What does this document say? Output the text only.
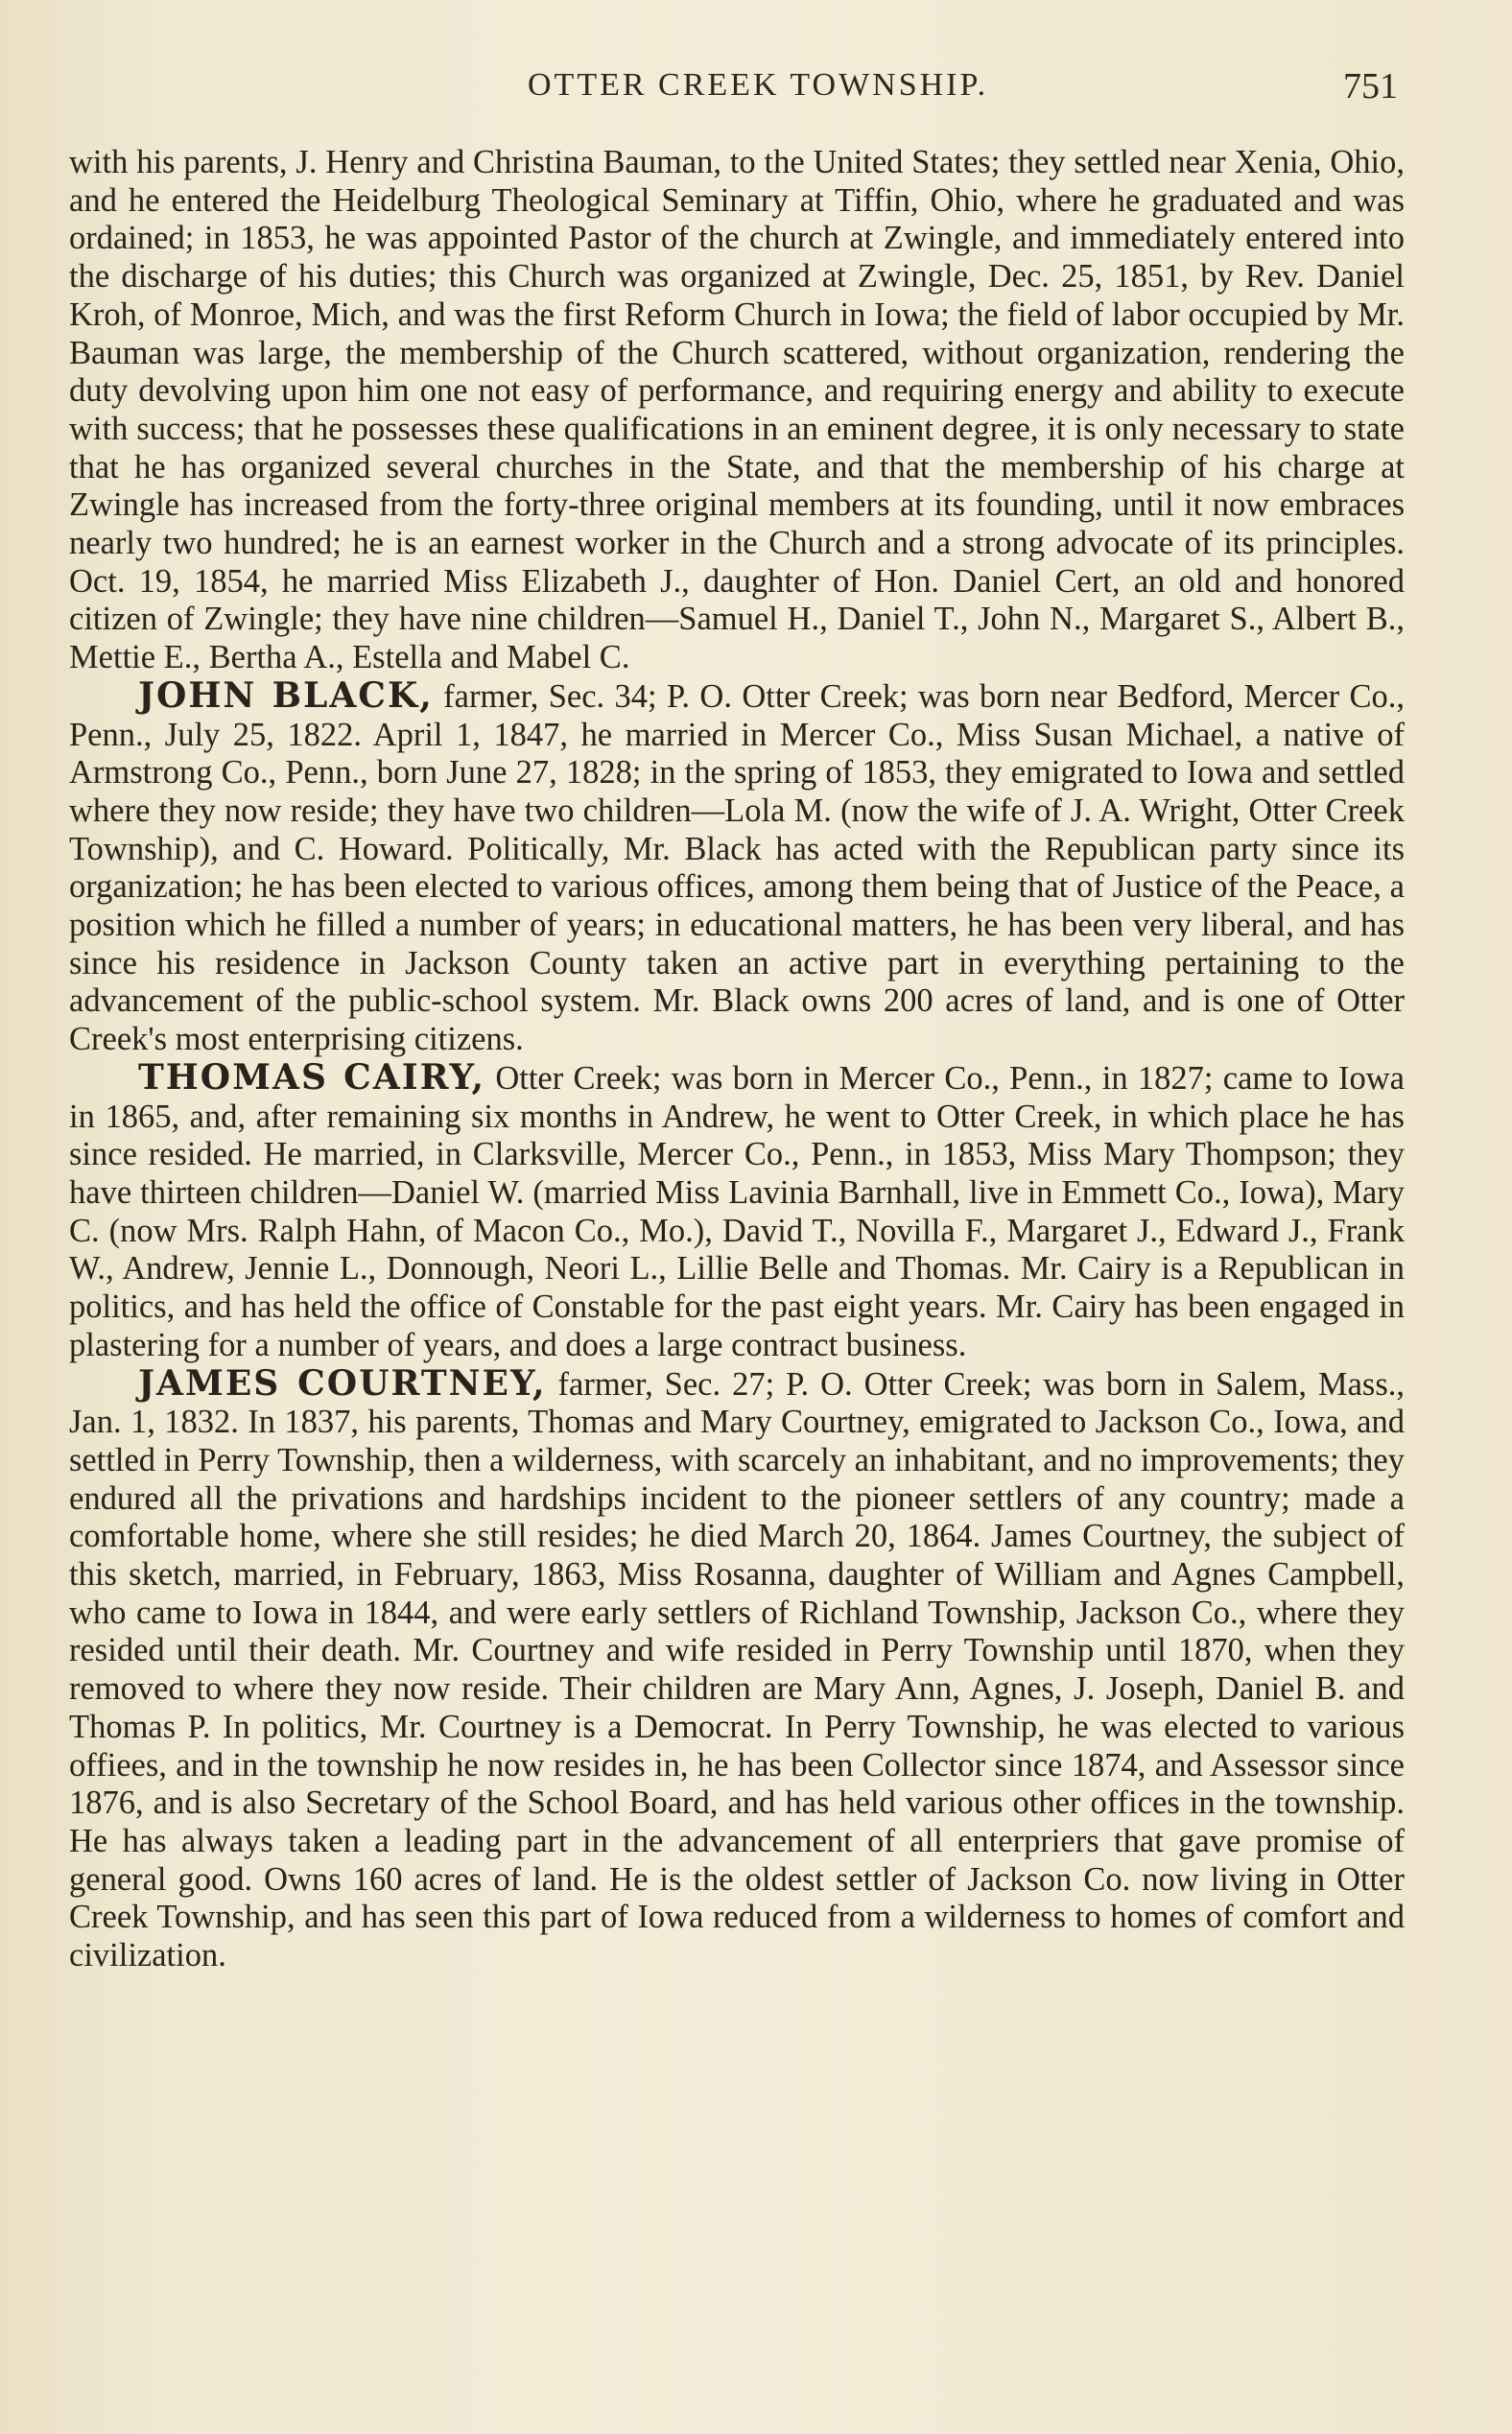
OTTER CREEK TOWNSHIP.	751

with his parents, J. Henry and Christina Bauman, to the United States; they settled near Xenia, Ohio, and he entered the Heidelburg Theological Seminary at Tiffin, Ohio, where he graduated and was ordained; in 1853, he was appointed Pastor of the church at Zwingle, and immediately entered into the discharge of his duties; this Church was organized at Zwingle, Dec. 25, 1851, by Rev. Daniel Kroh, of Monroe, Mich, and was the first Reform Church in Iowa; the field of labor occupied by Mr. Bauman was large, the membership of the Church scattered, without organization, rendering the duty devolving upon him one not easy of performance, and requiring energy and ability to execute with success; that he possesses these qualifications in an eminent degree, it is only necessary to state that he has organized several churches in the State, and that the membership of his charge at Zwingle has increased from the forty-three original members at its founding, until it now embraces nearly two hundred; he is an earnest worker in the Church and a strong advocate of its principles. Oct. 19, 1854, he married Miss Elizabeth J., daughter of Hon. Daniel Cert, an old and honored citizen of Zwingle; they have nine children—Samuel H., Daniel T., John N., Margaret S., Albert B., Mettie E., Bertha A., Estella and Mabel C.

JOHN BLACK, farmer, Sec. 34; P. O. Otter Creek; was born near Bedford, Mercer Co., Penn., July 25, 1822. April 1, 1847, he married in Mercer Co., Miss Susan Michael, a native of Armstrong Co., Penn., born June 27, 1828; in the spring of 1853, they emigrated to Iowa and settled where they now reside; they have two children—Lola M. (now the wife of J. A. Wright, Otter Creek Township), and C. Howard. Politically, Mr. Black has acted with the Republican party since its organization; he has been elected to various offices, among them being that of Justice of the Peace, a position which he filled a number of years; in educational matters, he has been very liberal, and has since his residence in Jackson County taken an active part in everything pertaining to the advancement of the public-school system. Mr. Black owns 200 acres of land, and is one of Otter Creek's most enterprising citizens.

THOMAS CAIRY, Otter Creek; was born in Mercer Co., Penn., in 1827; came to Iowa in 1865, and, after remaining six months in Andrew, he went to Otter Creek, in which place he has since resided. He married, in Clarksville, Mercer Co., Penn., in 1853, Miss Mary Thompson; they have thirteen children—Daniel W. (married Miss Lavinia Barnhall, live in Emmett Co., Iowa), Mary C. (now Mrs. Ralph Hahn, of Macon Co., Mo.), David T., Novilla F., Margaret J., Edward J., Frank W., Andrew, Jennie L., Donnough, Neori L., Lillie Belle and Thomas. Mr. Cairy is a Republican in politics, and has held the office of Constable for the past eight years. Mr. Cairy has been engaged in plastering for a number of years, and does a large contract business.

JAMES COURTNEY, farmer, Sec. 27; P. O. Otter Creek; was born in Salem, Mass., Jan. 1, 1832. In 1837, his parents, Thomas and Mary Courtney, emigrated to Jackson Co., Iowa, and settled in Perry Township, then a wilderness, with scarcely an inhabitant, and no improvements; they endured all the privations and hardships incident to the pioneer settlers of any country; made a comfortable home, where she still resides; he died March 20, 1864. James Courtney, the subject of this sketch, married, in February, 1863, Miss Rosanna, daughter of William and Agnes Campbell, who came to Iowa in 1844, and were early settlers of Richland Township, Jackson Co., where they resided until their death. Mr. Courtney and wife resided in Perry Township until 1870, when they removed to where they now reside. Their children are Mary Ann, Agnes, J. Joseph, Daniel B. and Thomas P. In politics, Mr. Courtney is a Democrat. In Perry Township, he was elected to various offiees, and in the township he now resides in, he has been Collector since 1874, and Assessor since 1876, and is also Secretary of the School Board, and has held various other offices in the township. He has always taken a leading part in the advancement of all enterpriers that gave promise of general good. Owns 160 acres of land. He is the oldest settler of Jackson Co. now living in Otter Creek Township, and has seen this part of Iowa reduced from a wilderness to homes of comfort and civilization.
